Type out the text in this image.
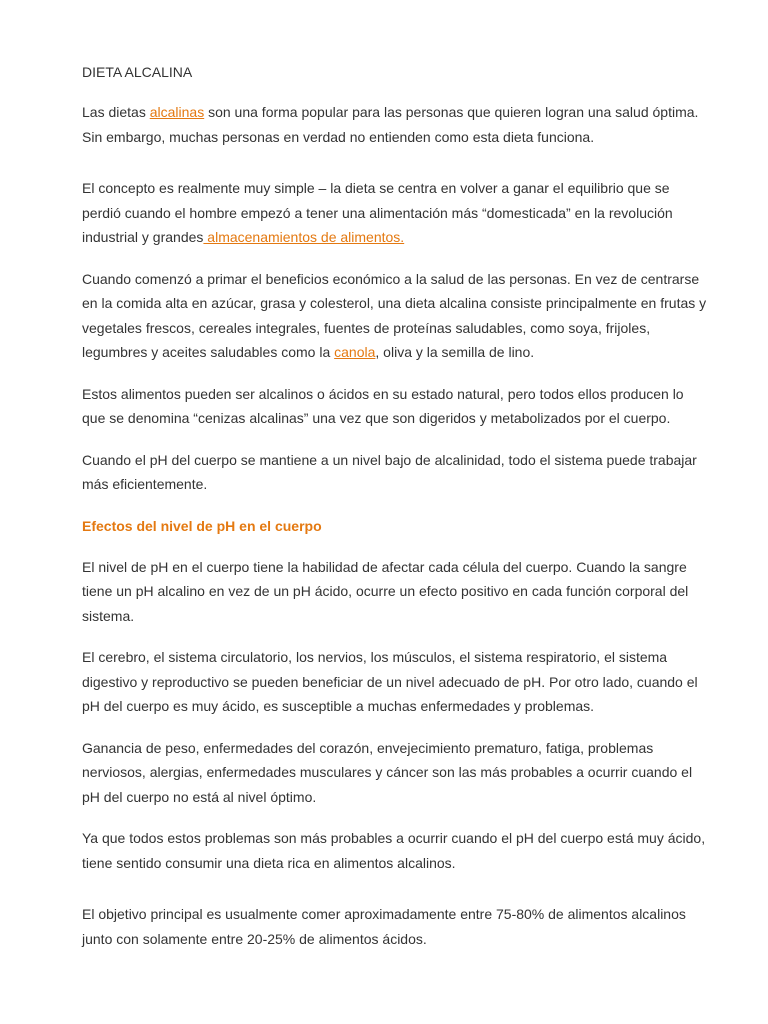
DIETA ALCALINA

Las dietas alcalinas son una forma popular para las personas que quieren logran una salud óptima. Sin embargo, muchas personas en verdad no entienden como esta dieta funciona.

El concepto es realmente muy simple – la dieta se centra en volver a ganar el equilibrio que se perdió cuando el hombre empezó a tener una alimentación más “domesticada” en la revolución industrial y grandes almacenamientos de alimentos.

Cuando comenzó a primar el beneficios económico a la salud de las personas. En vez de centrarse en la comida alta en azúcar, grasa y colesterol, una dieta alcalina consiste principalmente en frutas y vegetales frescos, cereales integrales, fuentes de proteínas saludables, como soya, frijoles, legumbres y aceites saludables como la canola, oliva y la semilla de lino.

Estos alimentos pueden ser alcalinos o ácidos en su estado natural, pero todos ellos producen lo que se denomina “cenizas alcalinas” una vez que son digeridos y metabolizados por el cuerpo.

Cuando el pH del cuerpo se mantiene a un nivel bajo de alcalinidad, todo el sistema puede trabajar más eficientemente.

Efectos del nivel de pH en el cuerpo

El nivel de pH en el cuerpo tiene la habilidad de afectar cada célula del cuerpo. Cuando la sangre tiene un pH alcalino en vez de un pH ácido, ocurre un efecto positivo en cada función corporal del sistema.

El cerebro, el sistema circulatorio, los nervios, los músculos, el sistema respiratorio, el sistema digestivo y reproductivo se pueden beneficiar de un nivel adecuado de pH. Por otro lado, cuando el pH del cuerpo es muy ácido, es susceptible a muchas enfermedades y problemas.

Ganancia de peso, enfermedades del corazón, envejecimiento prematuro, fatiga, problemas nerviosos, alergias, enfermedades musculares y cáncer son las más probables a ocurrir cuando el pH del cuerpo no está al nivel óptimo.

Ya que todos estos problemas son más probables a ocurrir cuando el pH del cuerpo está muy ácido, tiene sentido consumir una dieta rica en alimentos alcalinos.

El objetivo principal es usualmente comer aproximadamente entre 75-80% de alimentos alcalinos junto con solamente entre 20-25% de alimentos ácidos.
